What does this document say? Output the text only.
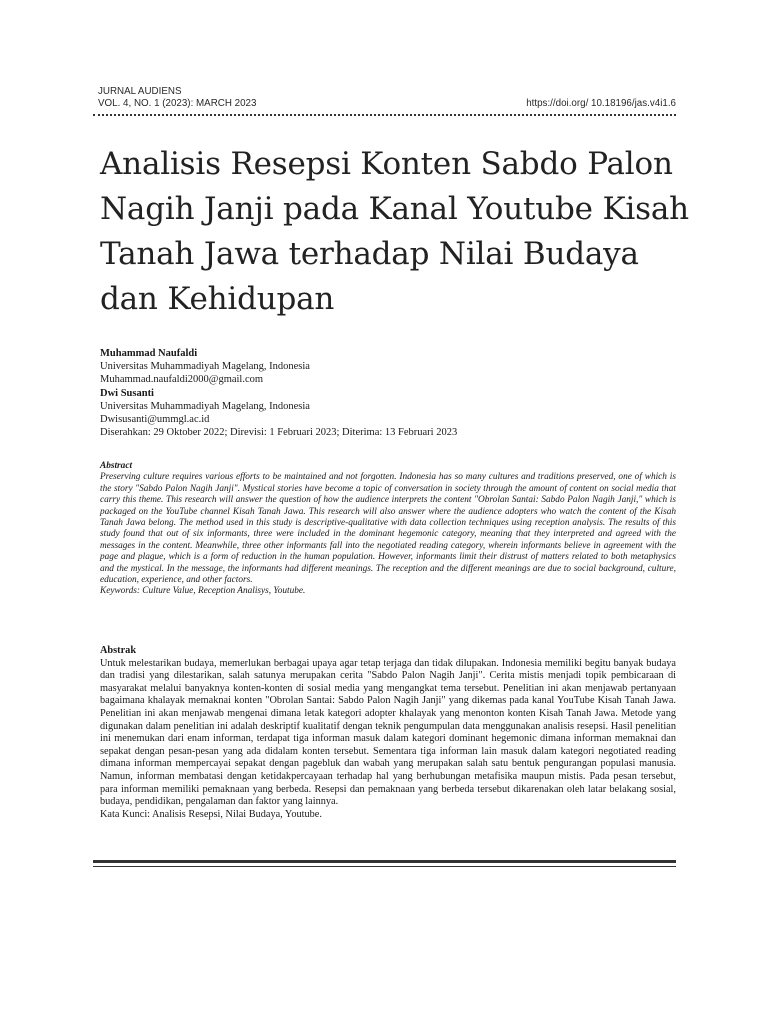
JURNAL AUDIENS
VOL. 4, NO. 1 (2023): MARCH 2023	https://doi.org/ 10.18196/jas.v4i1.6
Analisis Resepsi Konten Sabdo Palon Nagih Janji pada Kanal Youtube Kisah Tanah Jawa terhadap Nilai Budaya dan Kehidupan
Muhammad Naufaldi
Universitas Muhammadiyah Magelang, Indonesia
Muhammad.naufaldi2000@gmail.com
Dwi Susanti
Universitas Muhammadiyah Magelang, Indonesia
Dwisusanti@ummgl.ac.id
Diserahkan: 29 Oktober 2022; Direvisi: 1 Februari 2023; Diterima: 13 Februari 2023

Abstract

Preserving culture requires various efforts to be maintained and not forgotten. Indonesia has so many cultures and traditions preserved, one of which is the story "Sabdo Palon Nagih Janji". Mystical stories have become a topic of conversation in society through the amount of content on social media that carry this theme. This research will answer the question of how the audience interprets the content "Obrolan Santai: Sabdo Palon Nagih Janji," which is packaged on the YouTube channel Kisah Tanah Jawa. This research will also answer where the audience adopters who watch the content of the Kisah Tanah Jawa belong. The method used in this study is descriptive-qualitative with data collection techniques using reception analysis. The results of this study found that out of six informants, three were included in the dominant hegemonic category, meaning that they interpreted and agreed with the messages in the content. Meanwhile, three other informants fall into the negotiated reading category, wherein informants believe in agreement with the page and plague, which is a form of reduction in the human population. However, informants limit their distrust of matters related to both metaphysics and the mystical. In the message, the informants had different meanings. The reception and the different meanings are due to social background, culture, education, experience, and other factors.

Keywords: Culture Value, Reception Analisys, Youtube.

Abstrak

Untuk melestarikan budaya, memerlukan berbagai upaya agar tetap terjaga dan tidak dilupakan. Indonesia memiliki begitu banyak budaya dan tradisi yang dilestarikan, salah satunya merupakan cerita "Sabdo Palon Nagih Janji". Cerita mistis menjadi topik pembicaraan di masyarakat melalui banyaknya konten-konten di sosial media yang mengangkat tema tersebut. Penelitian ini akan menjawab pertanyaan bagaimana khalayak memaknai konten "Obrolan Santai: Sabdo Palon Nagih Janji" yang dikemas pada kanal YouTube Kisah Tanah Jawa. Penelitian ini akan menjawab mengenai dimana letak kategori adopter khalayak yang menonton konten Kisah Tanah Jawa. Metode yang digunakan dalam penelitian ini adalah deskriptif kualitatif dengan teknik pengumpulan data menggunakan analisis resepsi. Hasil penelitian ini menemukan dari enam informan, terdapat tiga informan masuk dalam kategori dominant hegemonic dimana informan memaknai dan sepakat dengan pesan-pesan yang ada didalam konten tersebut. Sementara tiga informan lain masuk dalam kategori negotiated reading dimana informan mempercayai sepakat dengan pagebluk dan wabah yang merupakan salah satu bentuk pengurangan populasi manusia. Namun, informan membatasi dengan ketidakpercayaan terhadap hal yang berhubungan metafisika maupun mistis. Pada pesan tersebut, para informan memiliki pemaknaan yang berbeda. Resepsi dan pemaknaan yang berbeda tersebut dikarenakan oleh latar belakang sosial, budaya, pendidikan, pengalaman dan faktor yang lainnya.

Kata Kunci: Analisis Resepsi, Nilai Budaya, Youtube.
